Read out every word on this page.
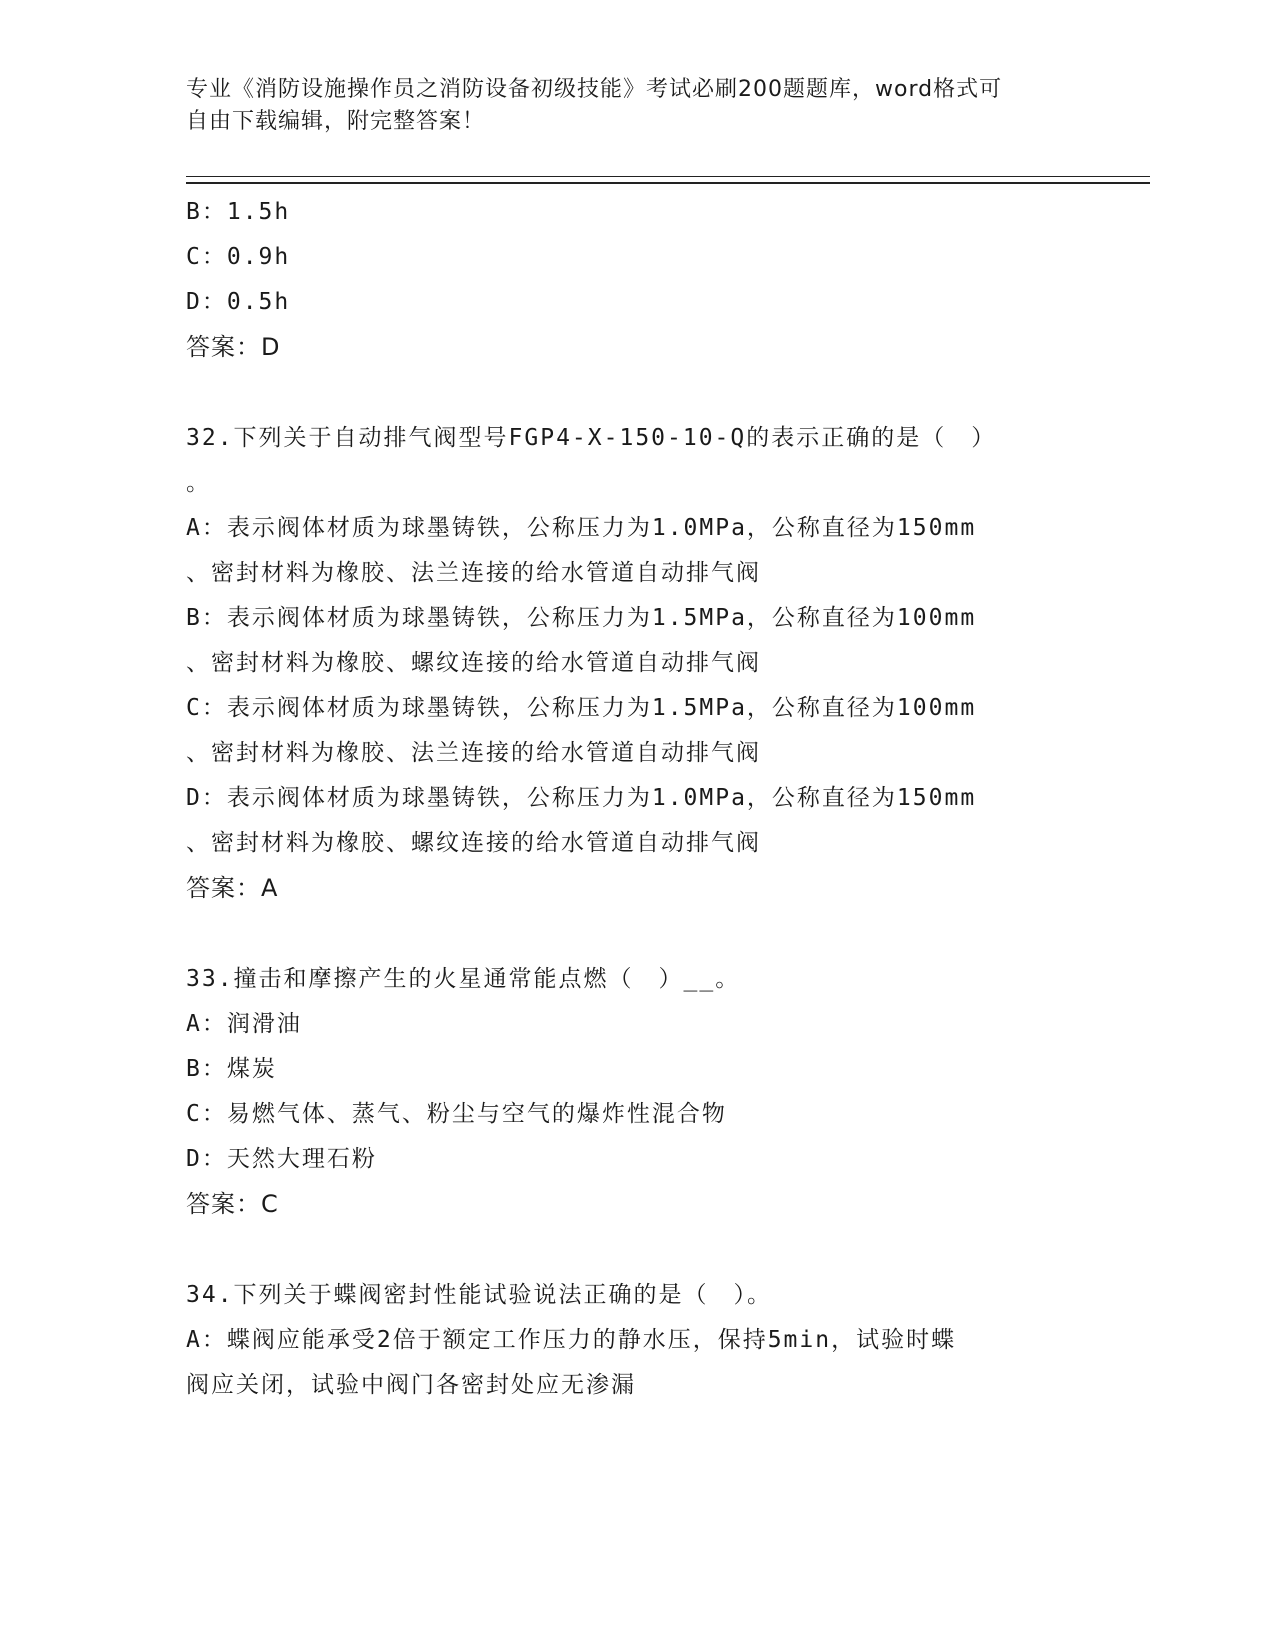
专业《消防设施操作员之消防设备初级技能》考试必刷200题题库，word格式可
自由下载编辑，附完整答案！
B：1.5h
C：0.9h
D：0.5h
答案：D
32.下列关于自动排气阀型号FGP4-X-150-10-Q的表示正确的是（　）
。
A：表示阀体材质为球墨铸铁，公称压力为1.0MPa，公称直径为150mm
、密封材料为橡胶、法兰连接的给水管道自动排气阀
B：表示阀体材质为球墨铸铁，公称压力为1.5MPa，公称直径为100mm
、密封材料为橡胶、螺纹连接的给水管道自动排气阀
C：表示阀体材质为球墨铸铁，公称压力为1.5MPa，公称直径为100mm
、密封材料为橡胶、法兰连接的给水管道自动排气阀
D：表示阀体材质为球墨铸铁，公称压力为1.0MPa，公称直径为150mm
、密封材料为橡胶、螺纹连接的给水管道自动排气阀
答案：A
33.撞击和摩擦产生的火星通常能点燃（　）__。
A：润滑油
B：煤炭
C：易燃气体、蒸气、粉尘与空气的爆炸性混合物
D：天然大理石粉
答案：C
34.下列关于蝶阀密封性能试验说法正确的是（　）。
A：蝶阀应能承受2倍于额定工作压力的静水压，保持5min，试验时蝶
阀应关闭，试验中阀门各密封处应无渗漏
